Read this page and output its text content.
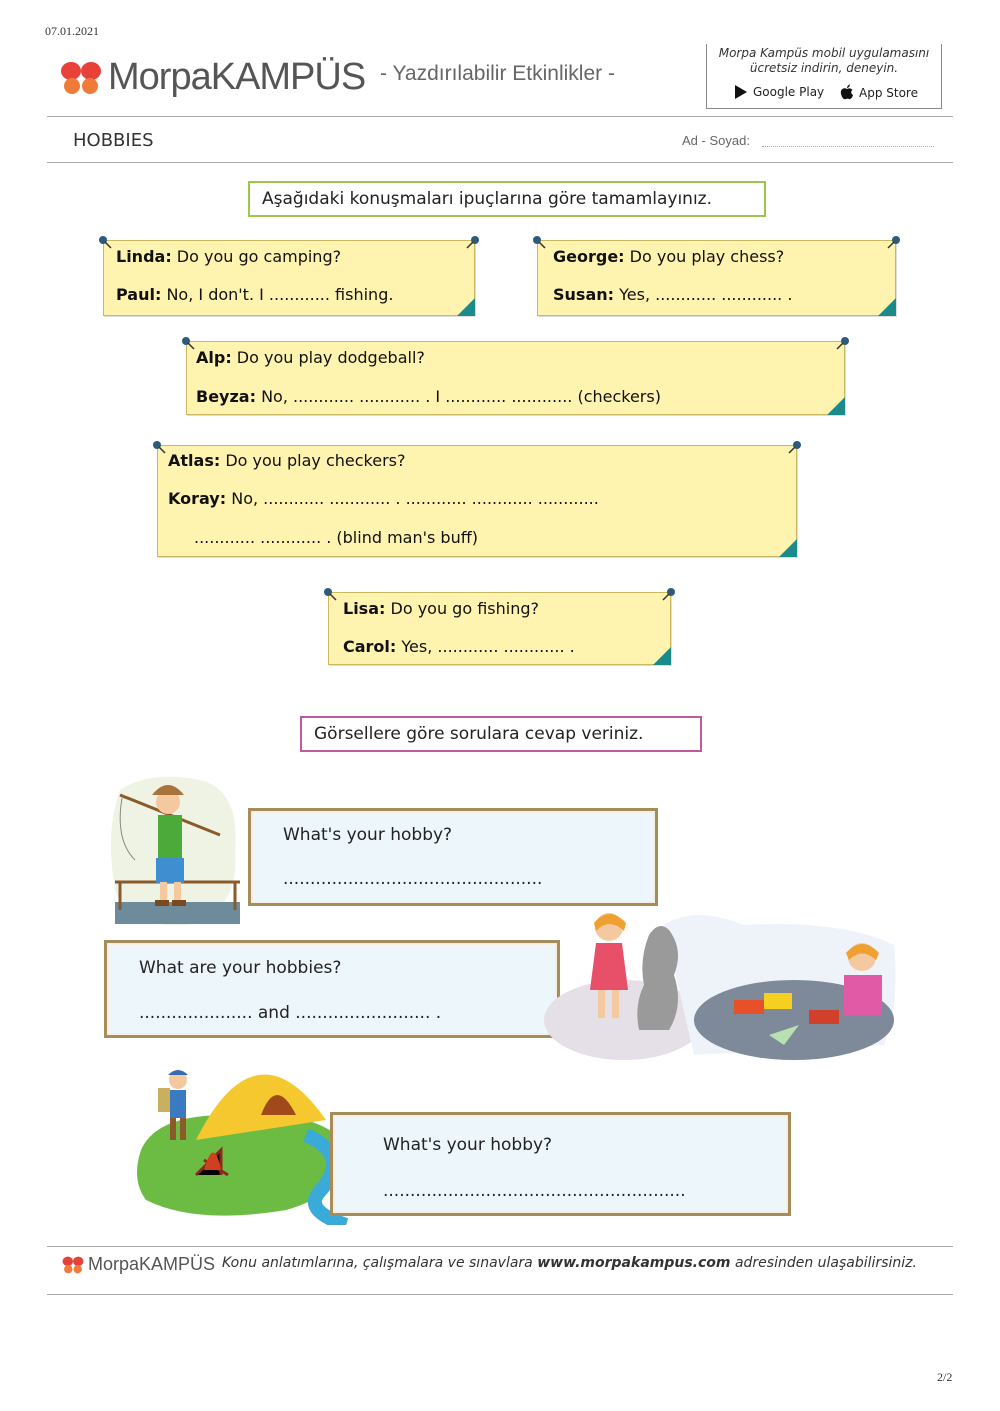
07.01.2021
2/2
MorpaKAMPÜS - Yazdırılabilir Etkinlikler -
Morpa Kampüs mobil uygulamasını ücretsiz indirin, deneyin.
Google Play	App Store
HOBBIES	Ad - Soyad:
Aşağıdaki konuşmaları ipuçlarına göre tamamlayınız.
Linda: Do you go camping?
Paul: No, I don't. I ............ fishing.
George: Do you play chess?
Susan: Yes, ............ ............ .
Alp: Do you play dodgeball?
Beyza: No, ............ ............ . I ............ ............ (checkers)
Atlas: Do you play checkers?
Koray: No, ............ ............ . ............ ............ ............
............ ............ . (blind man's buff)
Lisa: Do you go fishing?
Carol: Yes, ............ ............ .
Görsellere göre sorulara cevap veriniz.
What's your hobby?
................................................
What are your hobbies?
..................... and ......................... .
What's your hobby?
........................................................
MorpaKAMPÜS Konu anlatımlarına, çalışmalara ve sınavlara www.morpakampus.com adresinden ulaşabilirsiniz.
